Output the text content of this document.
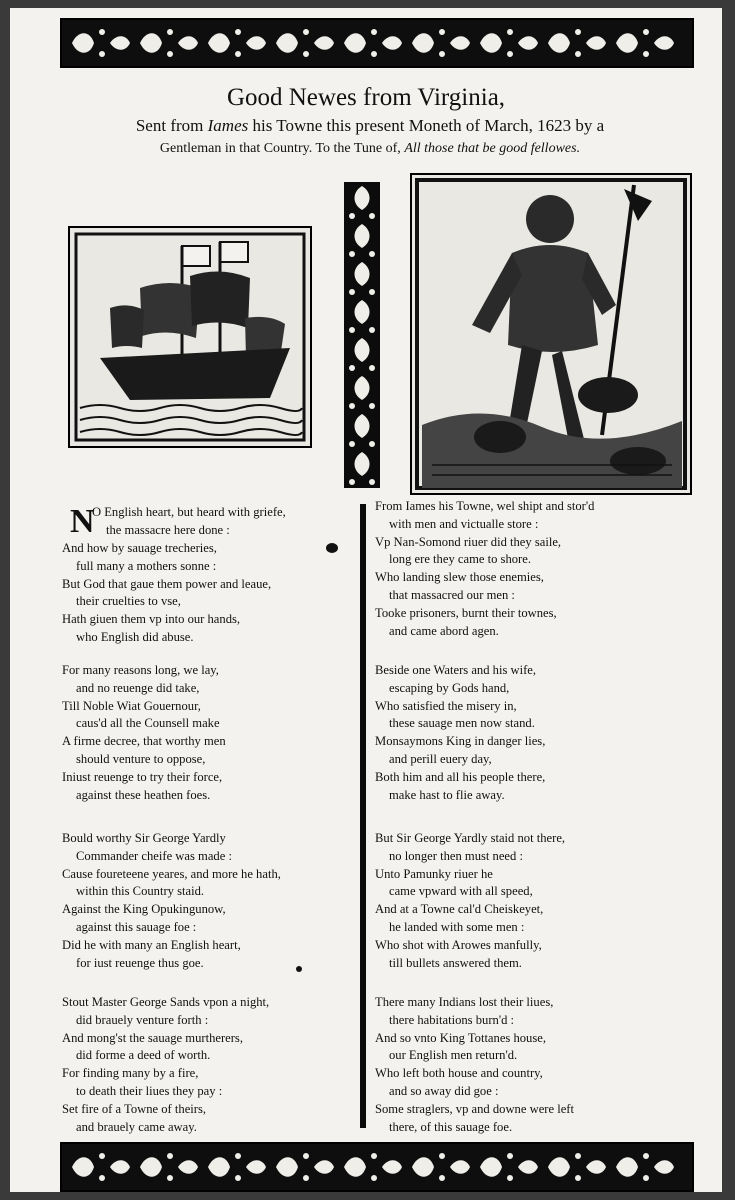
Good Newes from Virginia,
Sent from Iames his Towne this present Moneth of March, 1623 by a
Gentleman in that Country. To the Tune of, All those that be good fellowes.
N
O English heart, but heard with griefe,
the massacre here done :
And how by sauage trecheries,
full many a mothers sonne :
But God that gaue them power and leaue,
their cruelties to vse,
Hath giuen them vp into our hands,
who English did abuse.
For many reasons long, we lay,
and no reuenge did take,
Till Noble Wiat Gouernour,
caus'd all the Counsell make
A firme decree, that worthy men
should venture to oppose,
Iniust reuenge to try their force,
against these heathen foes.
Bould worthy Sir George Yardly
Commander cheife was made :
Cause foureteene yeares, and more he hath,
within this Country staid.
Against the King Opukingunow,
against this sauage foe :
Did he with many an English heart,
for iust reuenge thus goe.
Stout Master George Sands vpon a night,
did brauely venture forth :
And mong'st the sauage murtherers,
did forme a deed of worth.
For finding many by a fire,
to death their liues they pay :
Set fire of a Towne of theirs,
and brauely came away.
From Iames his Towne, wel shipt and stor'd
with men and victualle store :
Vp Nan-Somond riuer did they saile,
long ere they came to shore.
Who landing slew those enemies,
that massacred our men :
Tooke prisoners, burnt their townes,
and came abord agen.
Beside one Waters and his wife,
escaping by Gods hand,
Who satisfied the misery in,
these sauage men now stand.
Monsaymons King in danger lies,
and perill euery day,
Both him and all his people there,
make hast to flie away.
But Sir George Yardly staid not there,
no longer then must need :
Unto Pamunky riuer he
came vpward with all speed,
And at a Towne cal'd Cheiskeyet,
he landed with some men :
Who shot with Arowes manfully,
till bullets answered them.
There many Indians lost their liues,
there habitations burn'd :
And so vnto King Tottanes house,
our English men return'd.
Who left both house and country,
and so away did goe :
Some straglers, vp and downe were left
there, of this sauage foe.
